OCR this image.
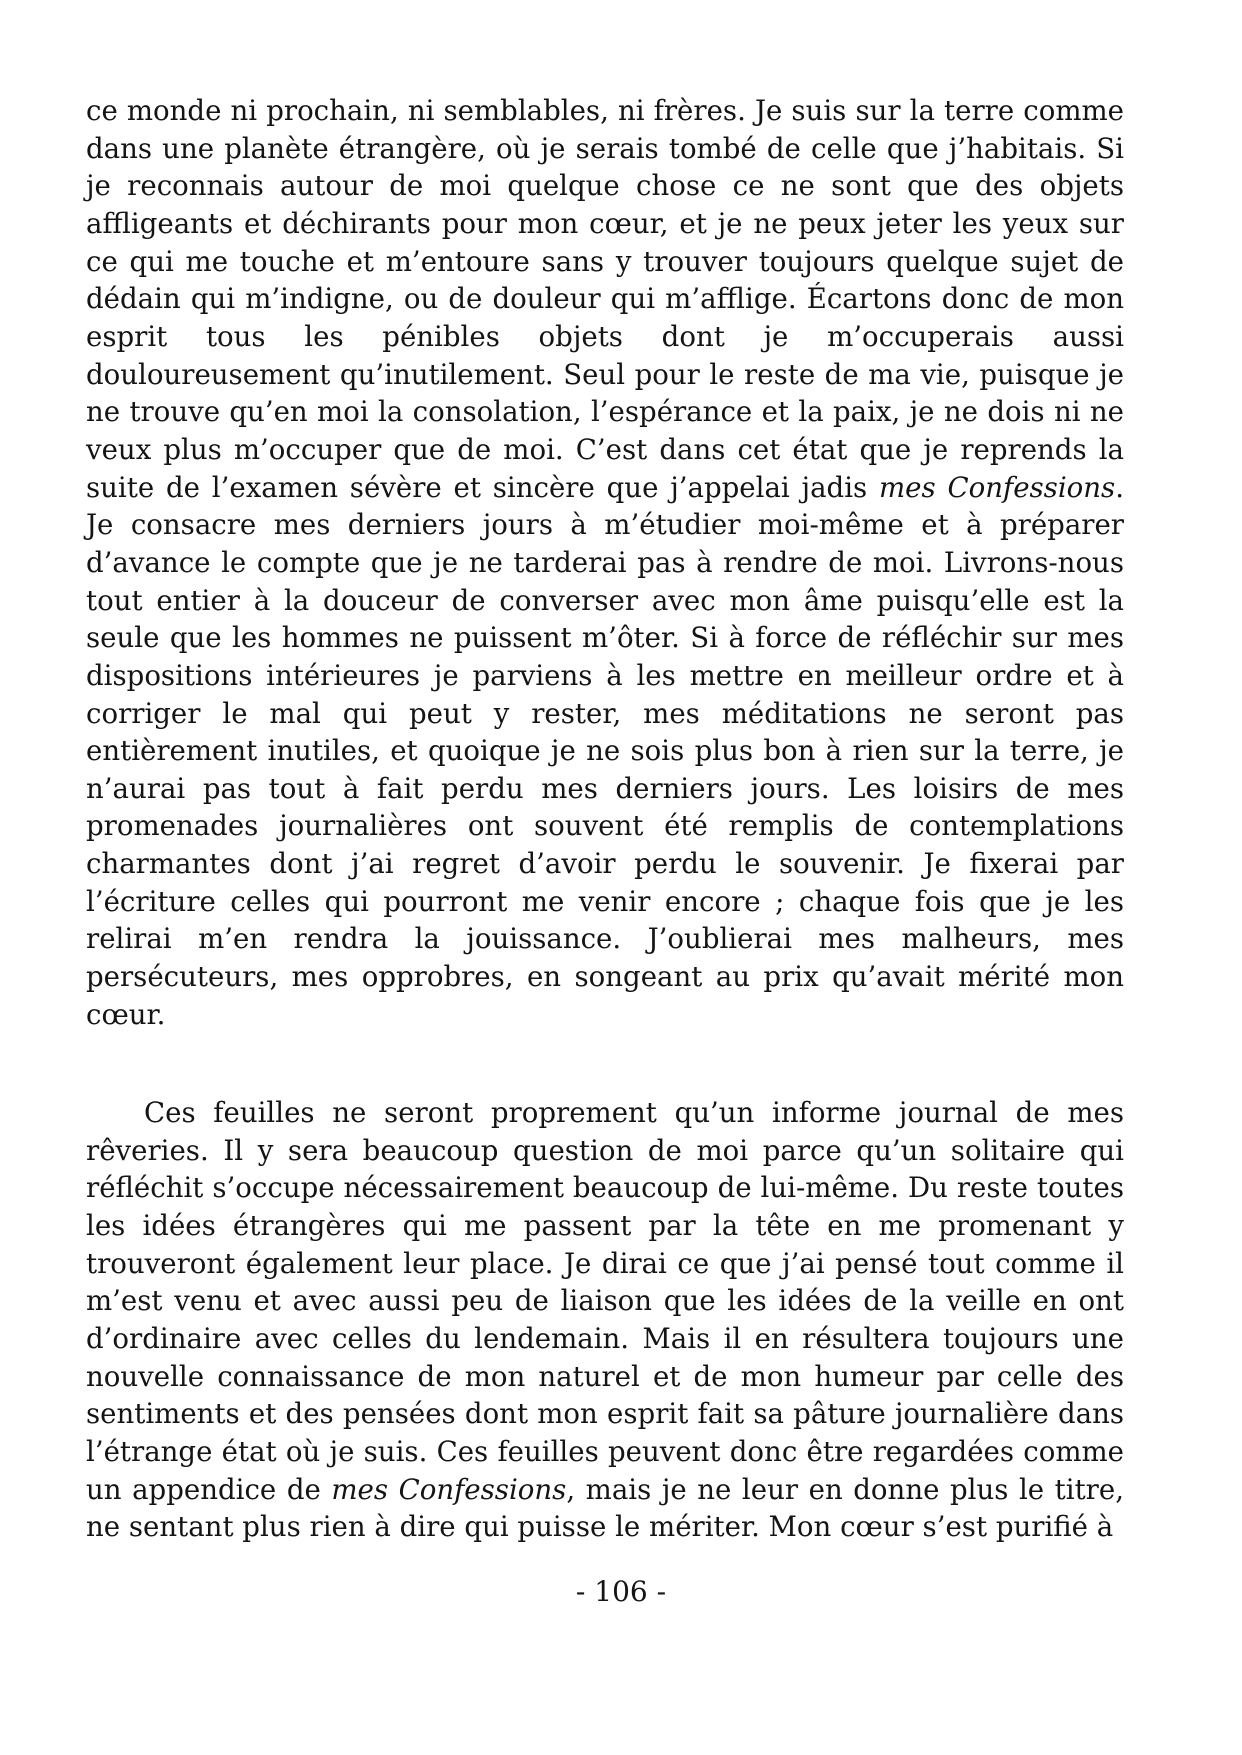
ce monde ni prochain, ni semblables, ni frères. Je suis sur la terre comme dans une planète étrangère, où je serais tombé de celle que j’habitais. Si je reconnais autour de moi quelque chose ce ne sont que des objets affligeants et déchirants pour mon cœur, et je ne peux jeter les yeux sur ce qui me touche et m’entoure sans y trouver toujours quelque sujet de dédain qui m’indigne, ou de douleur qui m’afflige. Écartons donc de mon esprit tous les pénibles objets dont je m’occuperais aussi douloureusement qu’inutilement. Seul pour le reste de ma vie, puisque je ne trouve qu’en moi la consolation, l’espérance et la paix, je ne dois ni ne veux plus m’occuper que de moi. C’est dans cet état que je reprends la suite de l’examen sévère et sincère que j’appelai jadis mes Confessions. Je consacre mes derniers jours à m’étudier moi-même et à préparer d’avance le compte que je ne tarderai pas à rendre de moi. Livrons-nous tout entier à la douceur de converser avec mon âme puisqu’elle est la seule que les hommes ne puissent m’ôter. Si à force de réfléchir sur mes dispositions intérieures je parviens à les mettre en meilleur ordre et à corriger le mal qui peut y rester, mes méditations ne seront pas entièrement inutiles, et quoique je ne sois plus bon à rien sur la terre, je n’aurai pas tout à fait perdu mes derniers jours. Les loisirs de mes promenades journalières ont souvent été remplis de contemplations charmantes dont j’ai regret d’avoir perdu le souvenir. Je fixerai par l’écriture celles qui pourront me venir encore ; chaque fois que je les relirai m’en rendra la jouissance. J’oublierai mes malheurs, mes persécuteurs, mes opprobres, en songeant au prix qu’avait mérité mon cœur.

Ces feuilles ne seront proprement qu’un informe journal de mes rêveries. Il y sera beaucoup question de moi parce qu’un solitaire qui réfléchit s’occupe nécessairement beaucoup de lui-même. Du reste toutes les idées étrangères qui me passent par la tête en me promenant y trouveront également leur place. Je dirai ce que j’ai pensé tout comme il m’est venu et avec aussi peu de liaison que les idées de la veille en ont d’ordinaire avec celles du lendemain. Mais il en résultera toujours une nouvelle connaissance de mon naturel et de mon humeur par celle des sentiments et des pensées dont mon esprit fait sa pâture journalière dans l’étrange état où je suis. Ces feuilles peuvent donc être regardées comme un appendice de mes Confessions, mais je ne leur en donne plus le titre, ne sentant plus rien à dire qui puisse le mériter. Mon cœur s’est purifié à

- 106 -
